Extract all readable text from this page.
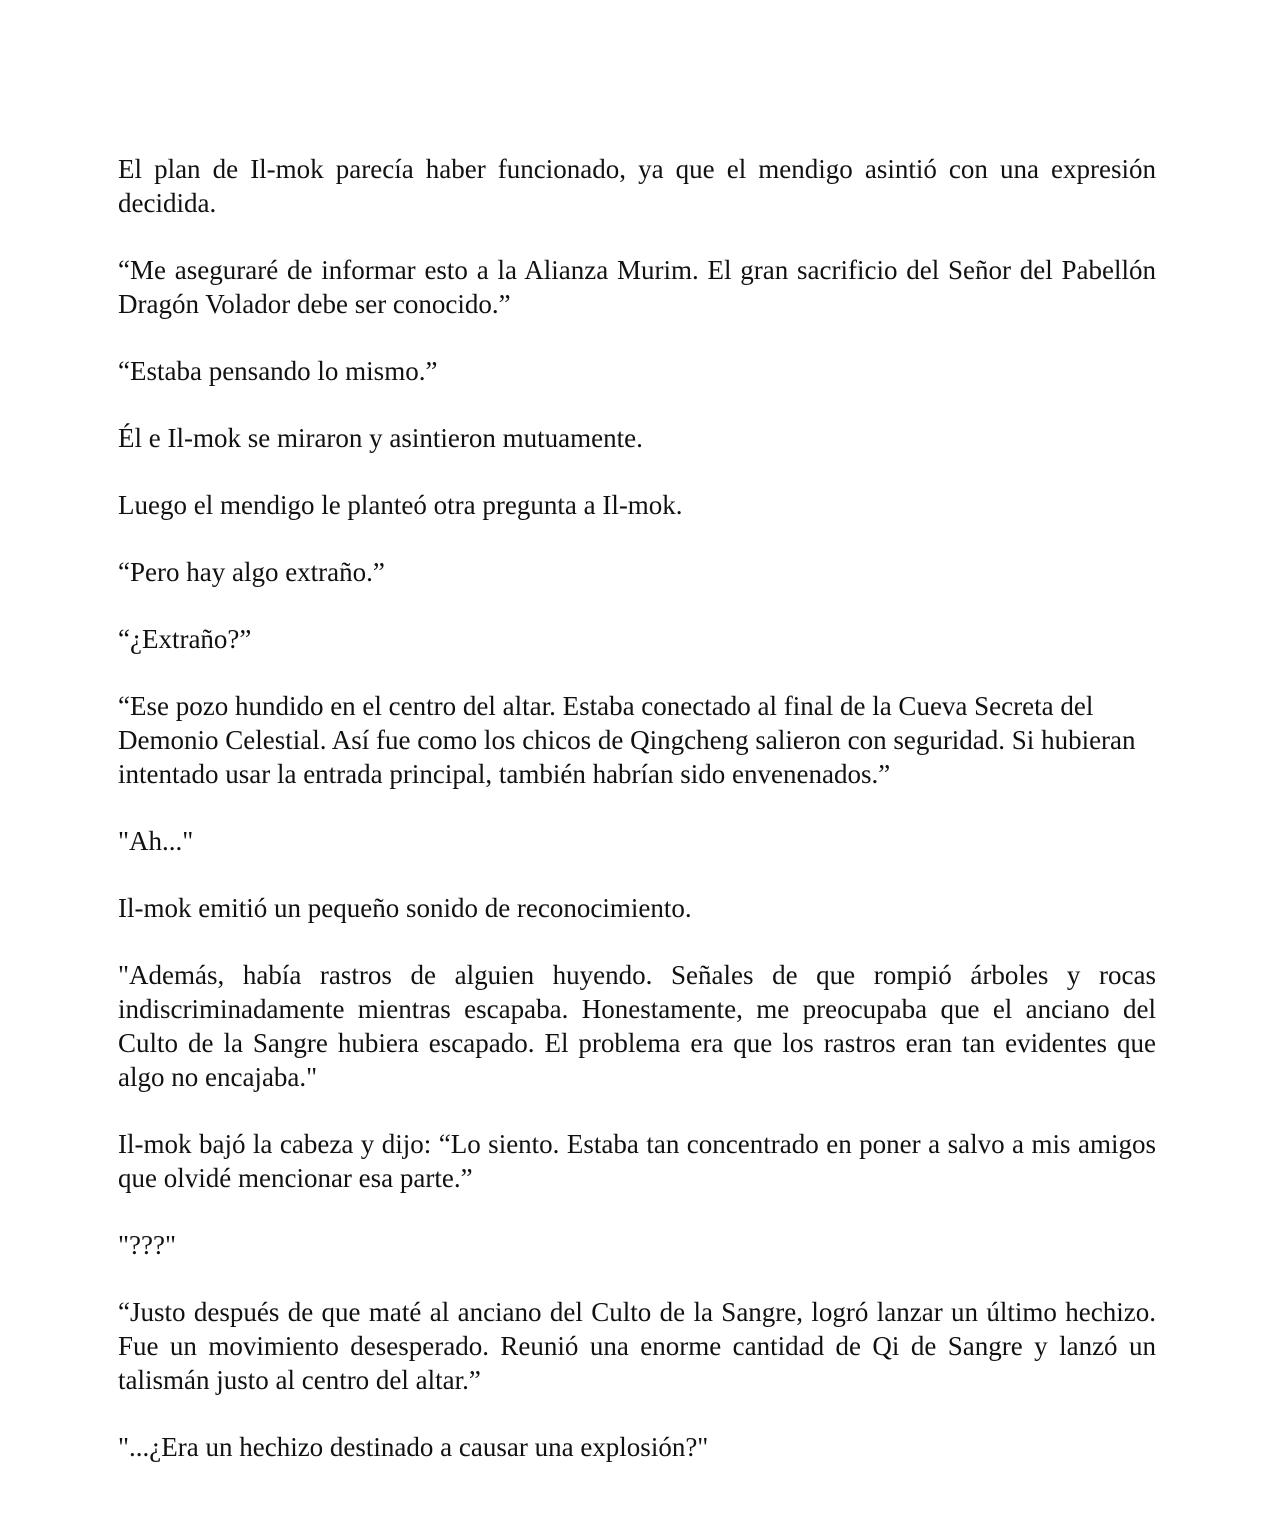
El plan de Il-mok parecía haber funcionado, ya que el mendigo asintió con una expresión decidida.

“Me aseguraré de informar esto a la Alianza Murim. El gran sacrificio del Señor del Pabellón Dragón Volador debe ser conocido.”

“Estaba pensando lo mismo.”

Él e Il-mok se miraron y asintieron mutuamente.

Luego el mendigo le planteó otra pregunta a Il-mok.

“Pero hay algo extraño.”

“¿Extraño?”

“Ese pozo hundido en el centro del altar. Estaba conectado al final de la Cueva Secreta del Demonio Celestial. Así fue como los chicos de Qingcheng salieron con seguridad. Si hubieran intentado usar la entrada principal, también habrían sido envenenados.”

"Ah..."

Il-mok emitió un pequeño sonido de reconocimiento.

"Además, había rastros de alguien huyendo. Señales de que rompió árboles y rocas indiscriminadamente mientras escapaba. Honestamente, me preocupaba que el anciano del Culto de la Sangre hubiera escapado. El problema era que los rastros eran tan evidentes que algo no encajaba."

Il-mok bajó la cabeza y dijo: “Lo siento. Estaba tan concentrado en poner a salvo a mis amigos que olvidé mencionar esa parte.”

"???"

“Justo después de que maté al anciano del Culto de la Sangre, logró lanzar un último hechizo. Fue un movimiento desesperado. Reunió una enorme cantidad de Qi de Sangre y lanzó un talismán justo al centro del altar.”

"...¿Era un hechizo destinado a causar una explosión?"
